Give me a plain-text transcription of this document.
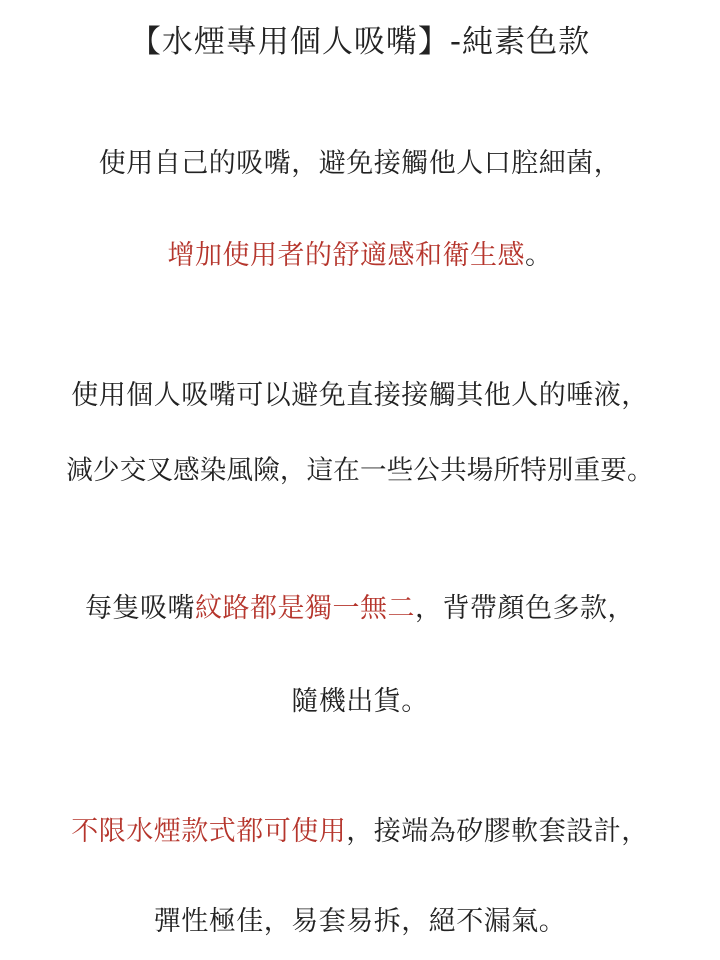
【水煙專用個人吸嘴】-純素色款
使用自己的吸嘴，避免接觸他人口腔細菌，
增加使用者的舒適感和衛生感。
使用個人吸嘴可以避免直接接觸其他人的唾液，
減少交叉感染風險，這在一些公共場所特別重要。
每隻吸嘴紋路都是獨一無二，背帶顏色多款，
隨機出貨。
不限水煙款式都可使用，接端為矽膠軟套設計，
彈性極佳，易套易拆，絕不漏氣。
